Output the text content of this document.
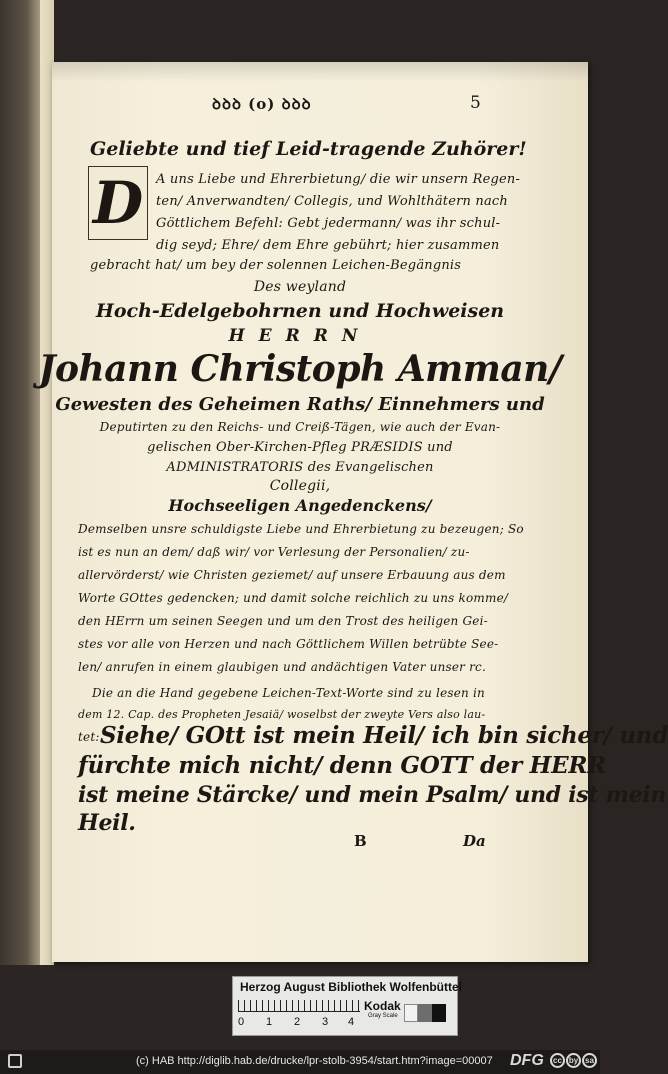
ꝺꝺꝺ (o) ꝺꝺꝺ	5
Geliebte und tief Leid-tragende Zuhörer!
D A uns Liebe und Ehrerbietung/ die wir unsern Regen-
ten/ Anverwandten/ Collegis, und Wohlthätern nach
Göttlichem Befehl: Gebt jedermann/ was ihr schul-
dig seyd; Ehre/ dem Ehre gebührt; hier zusammen
gebracht hat/ um bey der solennen Leichen-Begängnis
Des weyland
Hoch-Edelgebohrnen und Hochweisen
HERRN
Johann Christoph Amman/
Gewesten des Geheimen Raths/ Einnehmers und
Deputirten zu den Reichs- und Creiß-Tägen, wie auch der Evan-
gelischen Ober-Kirchen-Pfleg PRÆSIDIS und
ADMINISTRATORIS des Evangelischen
Collegii,
Hochseeligen Angedenckens/
Demselben unsre schuldigste Liebe und Ehrerbietung zu bezeugen; So
ist es nun an dem/ daß wir/ vor Verlesung der Personalien/ zu-
allervörderst/ wie Christen geziemet/ auf unsere Erbauung aus dem
Worte GOttes gedencken; und damit solche reichlich zu uns komme/
den HErrn um seinen Seegen und um den Trost des heiligen Gei-
stes vor alle von Herzen und nach Göttlichem Willen betrübte See-
len/ anrufen in einem glaubigen und andächtigen Vater unser rc.
Die an die Hand gegebene Leichen-Text-Worte sind zu lesen in
dem 12. Cap. des Propheten Jesaiä/ woselbst der zweyte Vers also lau-
tet: Siehe/ GOtt ist mein Heil/ ich bin sicher/ und
fürchte mich nicht/ denn GOTT der HERR
ist meine Stärcke/ und mein Psalm/ und ist mein
Heil.
B	Da
Herzog August Bibliothek Wolfenbüttel
0 1 2 3 4
Kodak
Gray Scale
(c) HAB http://diglib.hab.de/drucke/lpr-stolb-3954/start.htm?image=00007 DFG	cc by sa
